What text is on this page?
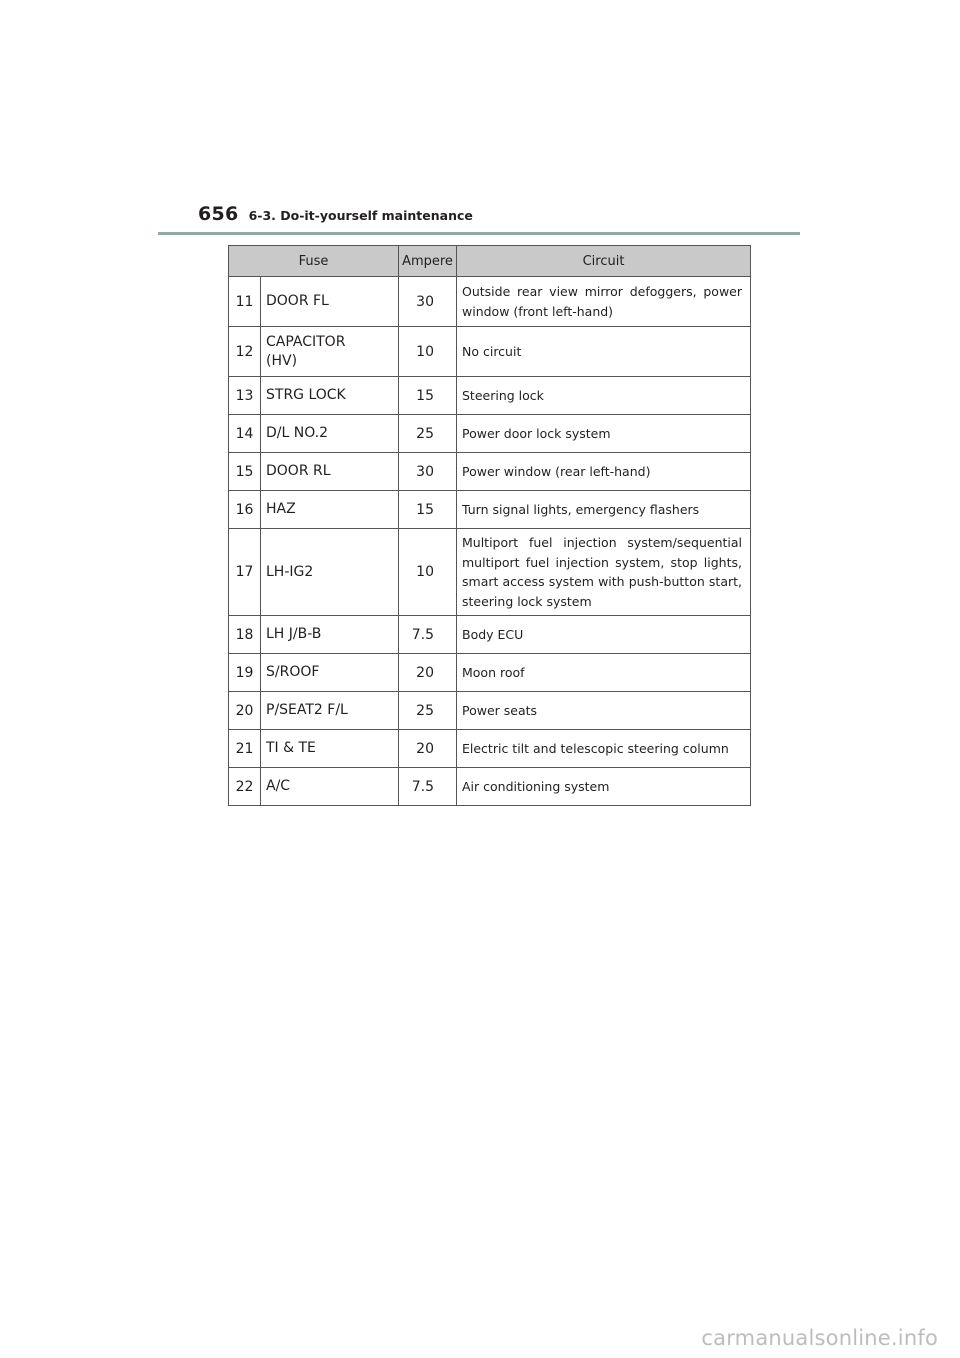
656 6-3. Do-it-yourself maintenance
Fuse		Ampere	Circuit
11	DOOR FL	30	Outside rear view mirror defoggers, power window (front left-hand)
12	CAPACITOR (HV)	10	No circuit
13	STRG LOCK	15	Steering lock
14	D/L NO.2	25	Power door lock system
15	DOOR RL	30	Power window (rear left-hand)
16	HAZ	15	Turn signal lights, emergency flashers
17	LH-IG2	10	Multiport fuel injection system/sequential multiport fuel injection system, stop lights, smart access system with push-button start, steering lock system
18	LH J/B-B	7.5	Body ECU
19	S/ROOF	20	Moon roof
20	P/SEAT2 F/L	25	Power seats
21	TI & TE	20	Electric tilt and telescopic steering column
22	A/C	7.5	Air conditioning system
carmanualsonline.info
